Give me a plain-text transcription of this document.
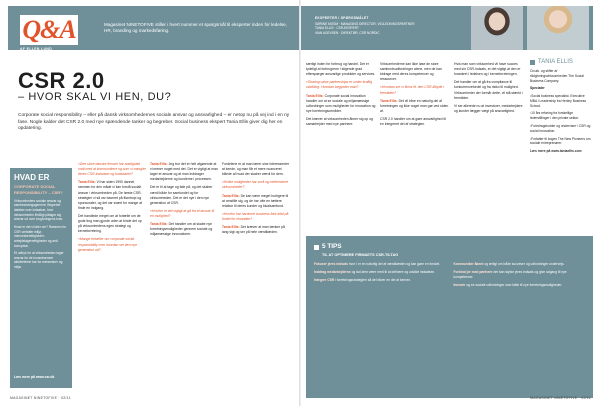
Q&A
AF ELLEN LUND
Magasinet NINETOFIVE stiller i hvert nummer et spørgsmål til eksperter inden for ledelse, HR, branding og markedsføring.
EKSPERTER I SPØRGSMÅLET
SØRINE MOSM · MANAGING DIRECTOR, VEJLEDNINGSPARTNER
TANIA ELLIS · CSR-EKSPERT
IVAN AGEVSEN · DIREKTØR, CSR NORDIC
CSR 2.0
– HVOR SKAL VI HEN, DU?
Corporate social responsibility – eller på dansk virksomhedernes sociale ansvar og ansvarlighed – er netop nu på vej ind i en ny fase. Nogle kalder det CSR 2.0 med nye spændende tanker og begreber. Social business ekspert Tania Ellis giver dig her en opdatering.
HVAD ER
CORPORATE SOCIAL
RESPONSIBILITY – CSR?

Virksomheders sociale ansvar og samfundsengagement. Begrebet dækker over indsatser, hvor virksomheden frivilligt påtager sig ansvar ud over lovgivningens krav.

Hvad er det vi taler om? Rammen for CSR omfatter miljø, menneskerettigheder, arbejdstagerrettigheder og anti-korruption.

Et udtryk for at virksomheden tager ansvar for de konsekvenser aktiviteterne har for mennesker og miljø.

Læs mere på www.csr.dk

» Den store danske firmaer har stadigvæk ondt med at kommunikere og som vi mangler deres CSR-indsatser og budskaber?

Tania Ellis: Vi har siden 1990 dannet rammen for den måde vi kan forstå socialt ansvar i virksomheden på. De første CSR-strategier vi så var baseret på filantropi og sponsorater, og det var svært for mange at finde en indgang.

Det handlede meget om at fortælle om de gode ting man gjorde uden at binde det op på virksomhedens egen strategi og kerneforretning.

» Mange fortæller om corporate social responsibility men hvordan ser den nye generation ud?

Tania Ellis: Jeg tror det er helt afgørende at vi mener noget med det. Det er vigtigt at man tager et ansvar og at man inddrager medarbejderne og kunderne i processen.

Det er til at tage og føle på, og det skaber værdi både for samfundet og for virksomheden. Det er det nye i den nye generation af CSR.

» Hvorfor er det vigtigt at gå fra et ansvar til en mulighed?

Tania Ellis: Det handler om at skabe nye forretningsmuligheder gennem sociale og miljømæssige innovationer.

Fordelene er at man lærer sine interessenter at kende, og man får et mere nuanceret billede af hvad der skaber værdi for dem.

» Hvilke muligheder har små og mellemstore virksomheder?

Tania Ellis: De kan være meget hurtigere til at omstille sig, og de har ofte en tættere relation til deres kunder og lokalsamfund.

» Hvorfor har hardcore business ikke altid på fordel for hinanden?

Tania Ellis: Det kræver at man tænker på lang sigt og ser på hele værdikæden.

særligt inden for forbrug og handel. Det er tydeligt at forbrugerne i stigende grad efterspørger ansvarlige produkter og services.

» Sharing value partnerships er under kraftig udvikling. Hvordan begynder man?

Tania Ellis: Corporate social innovation handler om at se sociale og miljømæssige udfordringer som muligheder for innovation og nye forretningsområder.

Det kræver at virksomheden åbner sig op og samarbejder med nye partnere.

Virksomhederne kan ikke løse de store samfundsudfordringer alene, men de kan bidrage med deres kompetencer og ressourcer.

» Hvordan ser vi firma ift. den CSR-tilbyde i fremtiden?

Tania Ellis: Det vil blive en naturlig del af forretningen og ikke noget man gør ved siden af.

CSR 2.0 handler om at gøre ansvarlighed til en integreret del af strategien.

Hvis man som virksomhed vil have succes med sin CSR-indsats, er det vigtigt at den er forankret i ledelsen og i kerneforretningen.

Det handler om at gå fra compliance til konkurrencefordel og fra risiko til mulighed. Virksomheder der formår dette, vil stå stærkt i fremtiden.

Vi ser allerede nu at investorer, medarbejdere og kunder lægger vægt på ansvarlighed.

TANIA ELLIS

Civ.øk. og stifter af rådgivningsvirksomheden The Social Business Company.

Specialer

• Social business specialist. Executive MBA i Leadership fra Henley Business School.

• 10 års erfaring fra forskellige lederstillinger i den private sektor.

• Foredragsholder og underviser i CSR og social innovation.

• Forfatter til bogen The New Pioneers om sociale entreprenører.

Læs mere på www.taniaellis.com

5 TIPS
TIL AT OPTIMERE FIRMAETS CSR-TILTAG

Fokuser jeres indsats hvor I er en naturlig del af værdikæden og kan gøre en forskel.

Inddrag medarbejderne og lad dem være med til at definere og udvikle indsatsen.

Integrer CSR i forretningsstrategien så det bliver en del af kernen.

Kommuniker åbent og ærligt om både succeser og udfordringer undervejs.

Forbind jer med partnere der kan styrke jeres indsats og give adgang til nye kompetencer.

Innovér og se sociale udfordringer som kilde til nye forretningsmuligheder.

MAGASINET NINETOFIVE · 02/11	MAGASINET NINETOFIVE · 02/11
